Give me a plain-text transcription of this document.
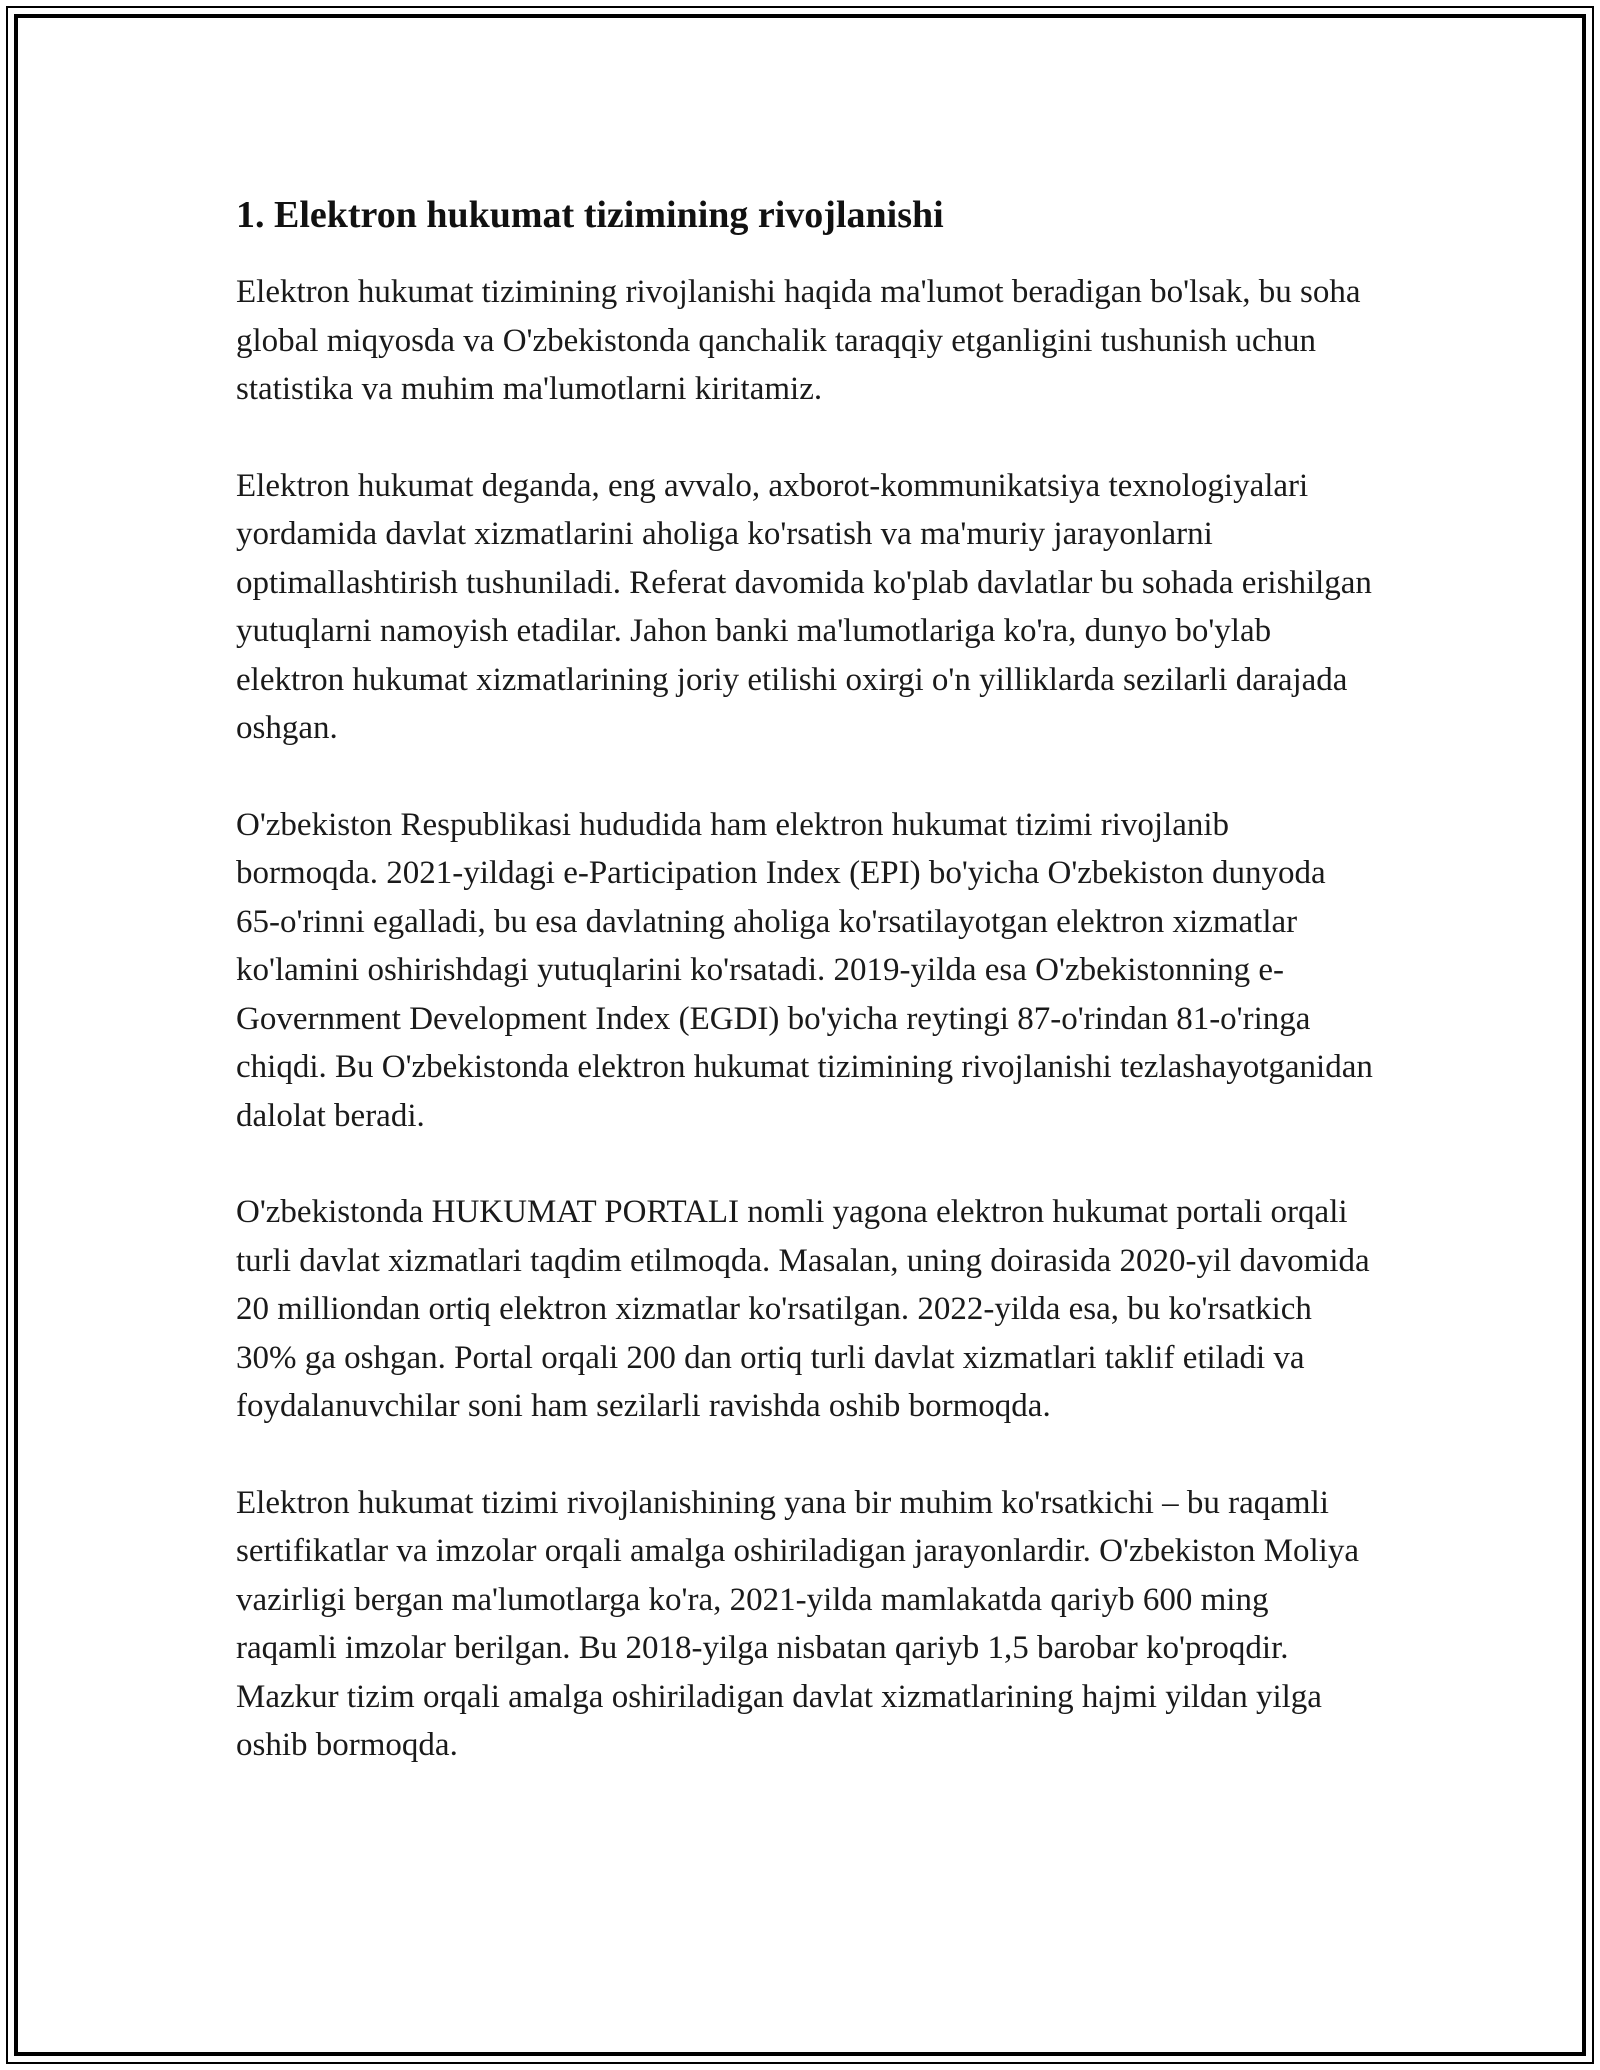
1. Elektron hukumat tizimining rivojlanishi

Elektron hukumat tizimining rivojlanishi haqida ma'lumot beradigan bo'lsak, bu soha global miqyosda va O'zbekistonda qanchalik taraqqiy etganligini tushunish uchun statistika va muhim ma'lumotlarni kiritamiz.

Elektron hukumat deganda, eng avvalo, axborot-kommunikatsiya texnologiyalari yordamida davlat xizmatlarini aholiga ko'rsatish va ma'muriy jarayonlarni optimallashtirish tushuniladi. Referat davomida ko'plab davlatlar bu sohada erishilgan yutuqlarni namoyish etadilar. Jahon banki ma'lumotlariga ko'ra, dunyo bo'ylab elektron hukumat xizmatlarining joriy etilishi oxirgi o'n yilliklarda sezilarli darajada oshgan.

O'zbekiston Respublikasi hududida ham elektron hukumat tizimi rivojlanib bormoqda. 2021-yildagi e-Participation Index (EPI) bo'yicha O'zbekiston dunyoda 65-o'rinni egalladi, bu esa davlatning aholiga ko'rsatilayotgan elektron xizmatlar ko'lamini oshirishdagi yutuqlarini ko'rsatadi. 2019-yilda esa O'zbekistonning e-Government Development Index (EGDI) bo'yicha reytingi 87-o'rindan 81-o'ringa chiqdi. Bu O'zbekistonda elektron hukumat tizimining rivojlanishi tezlashayotganidan dalolat beradi.

O'zbekistonda HUKUMAT PORTALI nomli yagona elektron hukumat portali orqali turli davlat xizmatlari taqdim etilmoqda. Masalan, uning doirasida 2020-yil davomida 20 milliondan ortiq elektron xizmatlar ko'rsatilgan. 2022-yilda esa, bu ko'rsatkich 30% ga oshgan. Portal orqali 200 dan ortiq turli davlat xizmatlari taklif etiladi va foydalanuvchilar soni ham sezilarli ravishda oshib bormoqda.

Elektron hukumat tizimi rivojlanishining yana bir muhim ko'rsatkichi – bu raqamli sertifikatlar va imzolar orqali amalga oshiriladigan jarayonlardir. O'zbekiston Moliya vazirligi bergan ma'lumotlarga ko'ra, 2021-yilda mamlakatda qariyb 600 ming raqamli imzolar berilgan. Bu 2018-yilga nisbatan qariyb 1,5 barobar ko'proqdir. Mazkur tizim orqali amalga oshiriladigan davlat xizmatlarining hajmi yildan yilga oshib bormoqda.
